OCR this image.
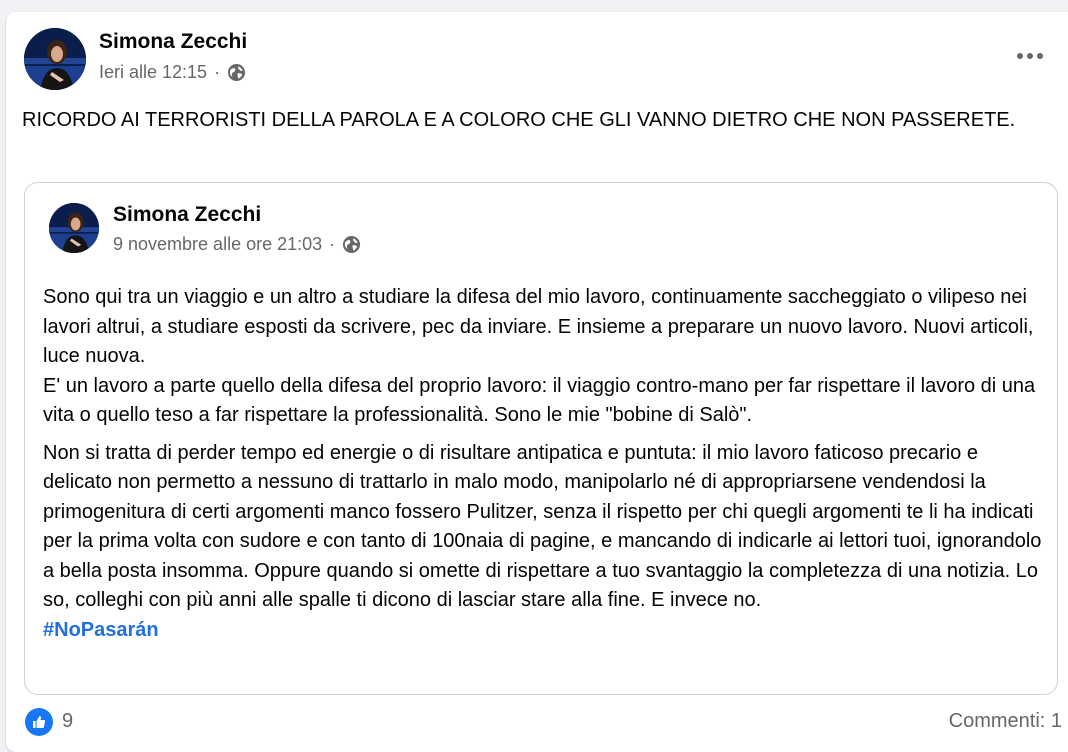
Simona Zecchi
Ieri alle 12:15 ·
RICORDO AI TERRORISTI DELLA PAROLA E A COLORO CHE GLI VANNO DIETRO CHE NON PASSERETE.
Simona Zecchi
9 novembre alle ore 21:03 ·

Sono qui tra un viaggio e un altro a studiare la difesa del mio lavoro, continuamente saccheggiato o vilipeso nei lavori altrui, a studiare esposti da scrivere, pec da inviare. E insieme a preparare un nuovo lavoro. Nuovi articoli, luce nuova.
E' un lavoro a parte quello della difesa del proprio lavoro: il viaggio contro-mano per far rispettare il lavoro di una vita o quello teso a far rispettare la professionalità. Sono le mie "bobine di Salò".

Non si tratta di perder tempo ed energie o di risultare antipatica e puntuta: il mio lavoro faticoso precario e delicato non permetto a nessuno di trattarlo in malo modo, manipolarlo né di appropriarsene vendendosi la primogenitura di certi argomenti manco fossero Pulitzer, senza il rispetto per chi quegli argomenti te li ha indicati per la prima volta con sudore e con tanto di 100naia di pagine, e mancando di indicarle ai lettori tuoi, ignorandolo a bella posta insomma. Oppure quando si omette di rispettare a tuo svantaggio la completezza di una notizia. Lo so, colleghi con più anni alle spalle ti dicono di lasciar stare alla fine. E invece no.
#NoPasarán

9	Commenti: 1
